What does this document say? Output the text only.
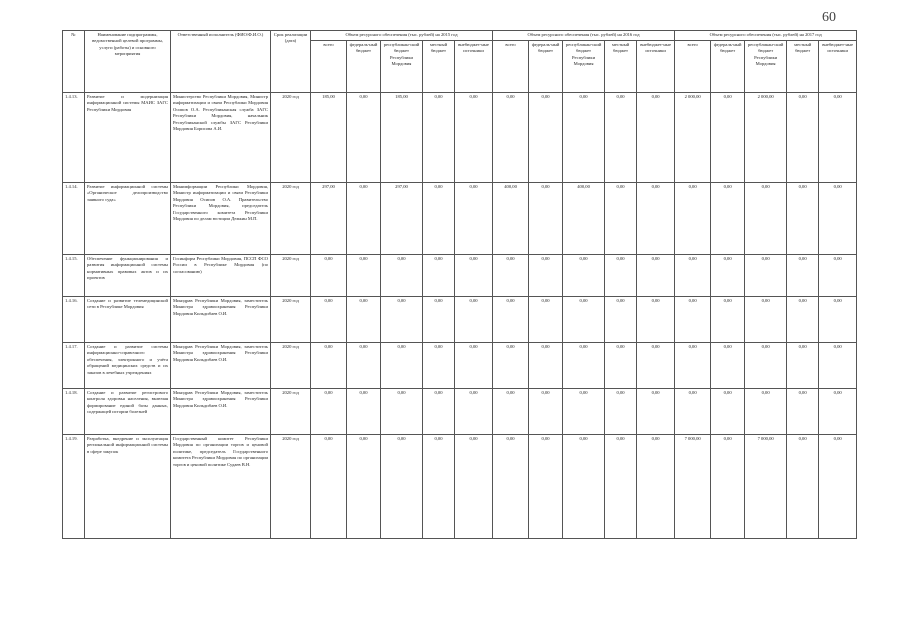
60
№	Наименование подпрограммы, ведомственной целевой программы, услуги (работы) и основного мероприятия	Ответственный исполнитель (ФИО/Ф.И.О.)	Срок реализации (дата)	Объем ресурсного обеспечения (тыс. рублей) на 2015 год					Объем ресурсного обеспечения (тыс. рублей) на 2016 год					Объем ресурсного обеспечения (тыс. рублей) на 2017 год				
				всего	федераль-ный бюджет	республикан-ский бюджет Республики Мордовия	местный бюджет	внебюджет-ные источники	всего	федераль-ный бюджет	республикан-ский бюджет Республики Мордовия	местный бюджет	внебюджет-ные источники	всего	федераль-ный бюджет	республикан-ский бюджет Республики Мордовия	местный бюджет	внебюджет-ные источники
1.4.13.	Развитие и модернизация информационной системы МАИС ЗАГС Республики Мордовия	Министерство Республики Мордовия, Министр информатизации и связи Республики Мордовия Осипов О.А. Республиканская служба ЗАГС Республики Мордовия, начальник Республиканской службы ЗАГС Республики Мордовия Борисова А.И.	2020 год	185,00	0,00	185,00	0,00	0,00	0,00	0,00	0,00	0,00	0,00	2 000,00	0,00	2 000,00	0,00	0,00
1.4.14.	Развитие информационной системы «Органическое делопроизводство заявного суда»	Минимформации Республики Мордовия, Министр информатизации и связи Республики Мордовия Осипов О.А. Правительство Республики Мордовия, председатель Государственного комитета Республики Мордовия по делам юстиции Дежкин М.П.	2020 год	297,00	0,00	297,00	0,00	0,00	400,00	0,00	400,00	0,00	0,00	0,00	0,00	0,00	0,00	0,00
1.4.15.	Обеспечение функционирования и развития информационной системы нормативных правовых актов и их проектов	Госинформ Республики Мордовия, ПССП ФСО России в Республике Мордовия (по согласованию)	2020 год	0,00	0,00	0,00	0,00	0,00	0,00	0,00	0,00	0,00	0,00	0,00	0,00	0,00	0,00	0,00
1.4.16.	Создание и развитие телемедицинской сети в Республике Мордовия	Минздрав Республики Мордовия, заместитель Министра здравоохранения Республики Мордовия Кильдибаев О.И.	2020 год	0,00	0,00	0,00	0,00	0,00	0,00	0,00	0,00	0,00	0,00	0,00	0,00	0,00	0,00	0,00
1.4.17.	Создание и развитие системы информационно-справочного обеспечения, электронного и учёта обращений медицинских средств и их заказов в лечебных учреждениях	Минздрав Республики Мордовия, заместитель Министра здравоохранения Республики Мордовия Кильдибаев О.И.	2020 год	0,00	0,00	0,00	0,00	0,00	0,00	0,00	0,00	0,00	0,00	0,00	0,00	0,00	0,00	0,00
1.4.18.	Создание и развитие регистрового контроля здоровья населения, включая формирование единой базы данных, содержащей истории болезней	Минздрав Республики Мордовия, заместитель Министра здравоохранения Республики Мордовия Кильдибаев О.И.	2020 год	0,00	0,00	0,00	0,00	0,00	0,00	0,00	0,00	0,00	0,00	0,00	0,00	0,00	0,00	0,00
1.4.19.	Разработка, внедрение и эксплуатация региональной информационной системы в сфере закупок	Государственный комитет Республики Мордовия по организации торгов и ценовой политике, председатель Государственного комитета Республики Мордовия по организации торгов и ценовой политике Судаев В.Н.	2020 год	0,00	0,00	0,00	0,00	0,00	0,00	0,00	0,00	0,00	0,00	7 000,00	0,00	7 000,00	0,00	0,00
